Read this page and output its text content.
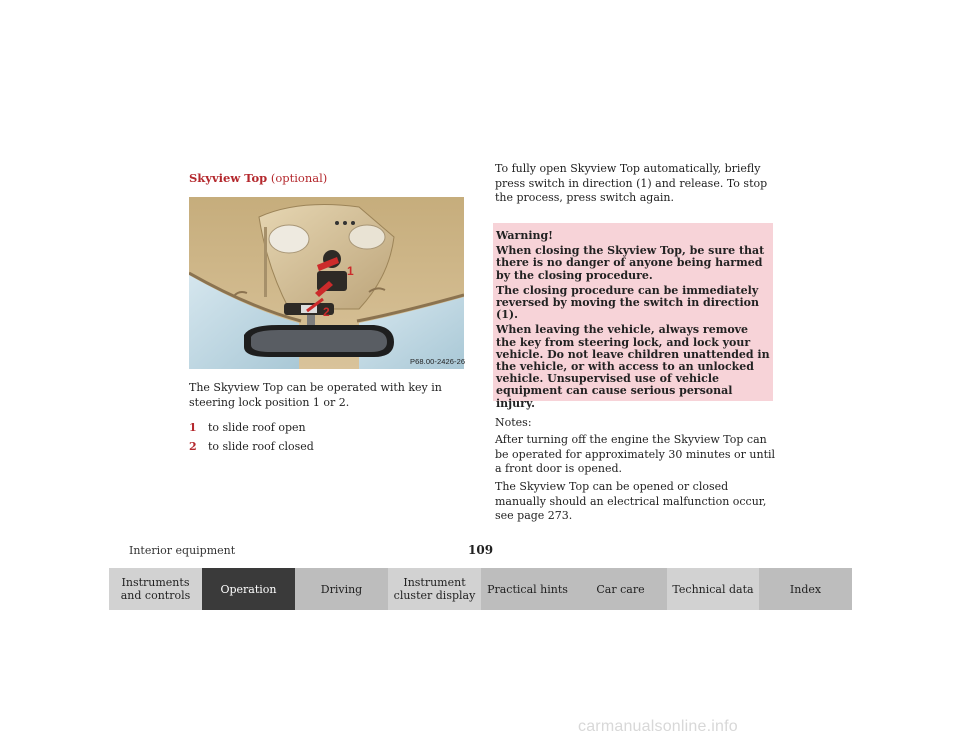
Skyview Top (optional)
1
2
P68.00-2426-26
The Skyview Top can be operated with key in steering lock position 1 or 2.
1 to slide roof open
2 to slide roof closed
To fully open Skyview Top automatically, briefly press switch in direction (1) and release. To stop the process, press switch again.

Warning!

When closing the Skyview Top, be sure that there is no danger of anyone being harmed by the closing procedure.

The closing procedure can be immediately reversed by moving the switch in direction (1).

When leaving the vehicle, always remove the key from steering lock, and lock your vehicle. Do not leave children unattended in the vehicle, or with access to an unlocked vehicle. Unsupervised use of vehicle equipment can cause serious personal injury.

Notes:
After turning off the engine the Skyview Top can be operated for approximately 30 minutes or until a front door is opened.
The Skyview Top can be opened or closed manually should an electrical malfunction occur, see page 273.
Interior equipment	109
Instruments and controls	Operation	Driving	Instrument cluster display	Practical hints	Car care	Technical data	Index
carmanualsonline.info
